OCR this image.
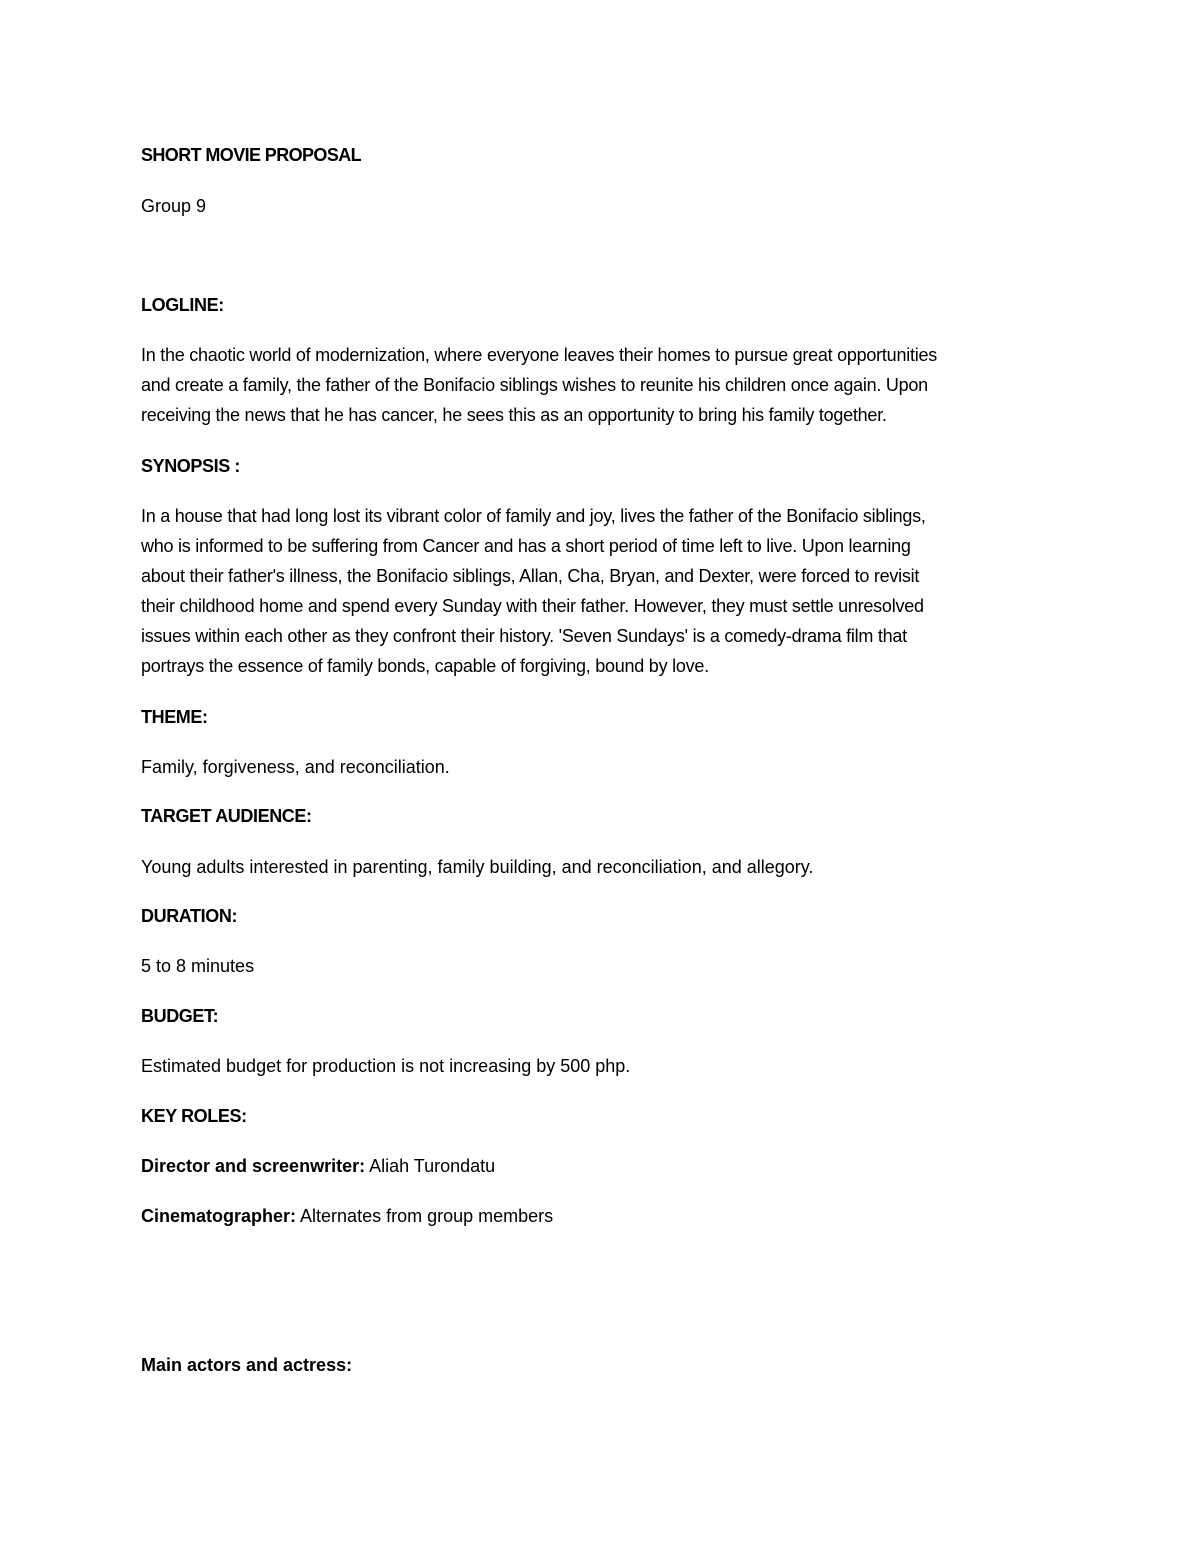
SHORT MOVIE PROPOSAL

Group 9

LOGLINE:

In the chaotic world of modernization, where everyone leaves their homes to pursue great opportunities
and create a family, the father of the Bonifacio siblings wishes to reunite his children once again. Upon
receiving the news that he has cancer, he sees this as an opportunity to bring his family together.

SYNOPSIS :

In a house that had long lost its vibrant color of family and joy, lives the father of the Bonifacio siblings,
who is informed to be suffering from Cancer and has a short period of time left to live. Upon learning
about their father's illness, the Bonifacio siblings, Allan, Cha, Bryan, and Dexter, were forced to revisit
their childhood home and spend every Sunday with their father. However, they must settle unresolved
issues within each other as they confront their history. 'Seven Sundays' is a comedy-drama film that
portrays the essence of family bonds, capable of forgiving, bound by love.

THEME:

Family, forgiveness, and reconciliation.

TARGET AUDIENCE:

Young adults interested in parenting, family building, and reconciliation, and allegory.

DURATION:

5 to 8 minutes

BUDGET:

Estimated budget for production is not increasing by 500 php.

KEY ROLES:

Director and screenwriter: Aliah Turondatu

Cinematographer: Alternates from group members

Main actors and actress:
